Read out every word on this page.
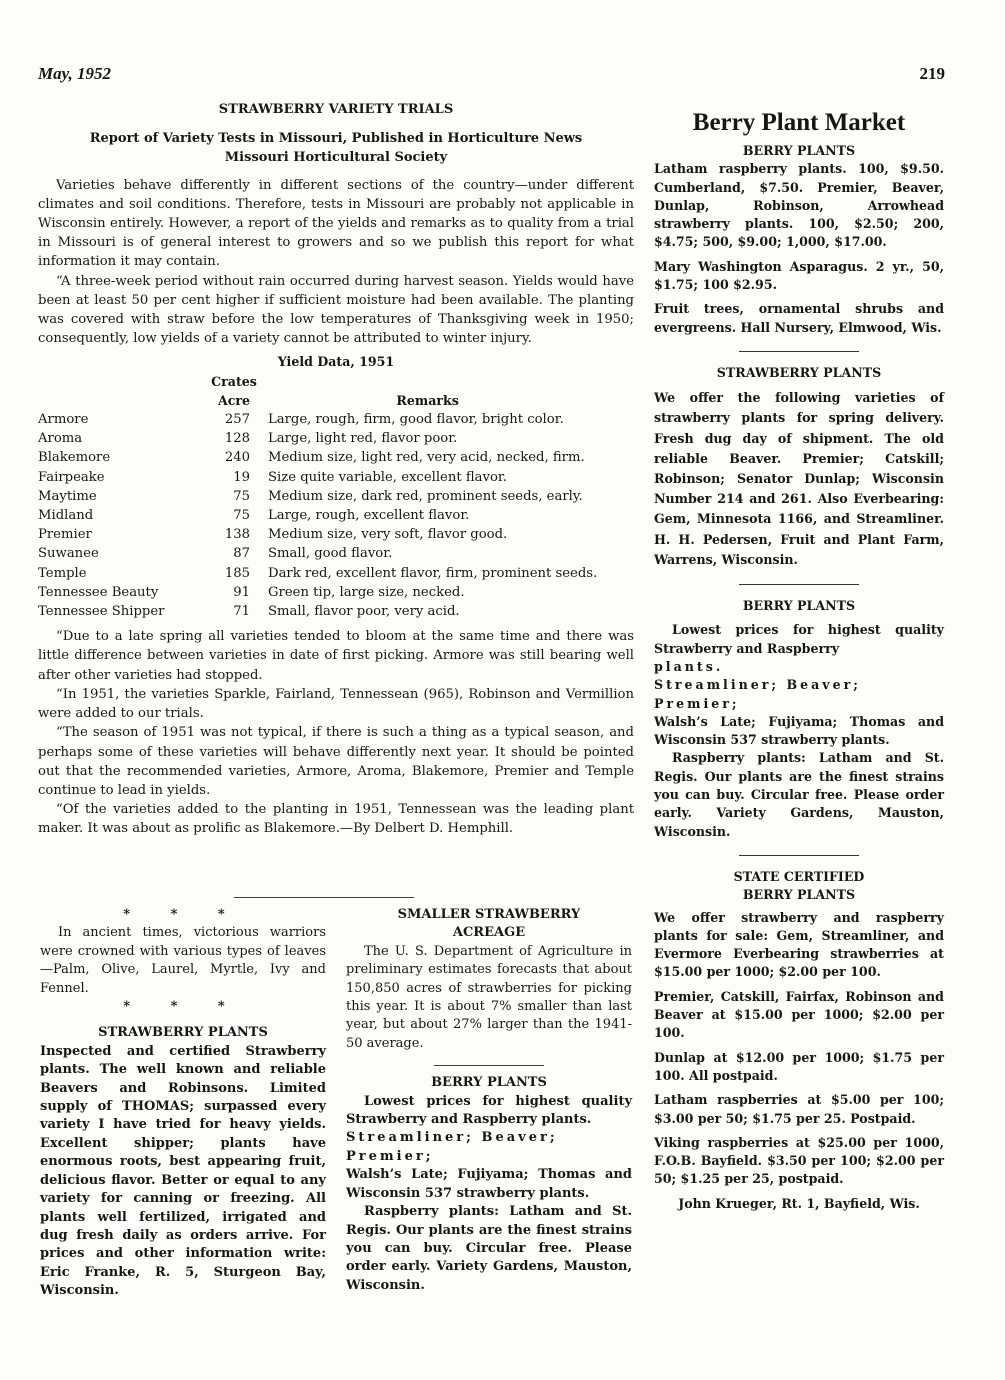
May, 1952	219
STRAWBERRY VARIETY TRIALS
Report of Variety Tests in Missouri, Published in Horticulture News
Missouri Horticultural Society

Varieties behave differently in different sections of the country—under different climates and soil conditions. Therefore, tests in Missouri are probably not applicable in Wisconsin entirely. However, a report of the yields and remarks as to quality from a trial in Missouri is of general interest to growers and so we publish this report for what information it may contain.

“A three-week period without rain occurred during harvest season. Yields would have been at least 50 per cent higher if sufficient moisture had been available. The planting was covered with straw before the low temperatures of Thanksgiving week in 1950; consequently, low yields of a variety cannot be attributed to winter injury.

Yield Data, 1951
	Crates	
	Acre	Remarks
Armore	257	Large, rough, firm, good flavor, bright color.
Aroma	128	Large, light red, flavor poor.
Blakemore	240	Medium size, light red, very acid, necked, firm.
Fairpeake	19	Size quite variable, excellent flavor.
Maytime	75	Medium size, dark red, prominent seeds, early.
Midland	75	Large, rough, excellent flavor.
Premier	138	Medium size, very soft, flavor good.
Suwanee	87	Small, good flavor.
Temple	185	Dark red, excellent flavor, firm, prominent seeds.
Tennessee Beauty	91	Green tip, large size, necked.
Tennessee Shipper	71	Small, flavor poor, very acid.

“Due to a late spring all varieties tended to bloom at the same time and there was little difference between varieties in date of first picking. Armore was still bearing well after other varieties had stopped.

“In 1951, the varieties Sparkle, Fairland, Tennessean (965), Robinson and Vermillion were added to our trials.

“The season of 1951 was not typical, if there is such a thing as a typical season, and perhaps some of these varieties will behave differently next year. It should be pointed out that the recommended varieties, Armore, Aroma, Blakemore, Premier and Temple continue to lead in yields.

“Of the varieties added to the planting in 1951, Tennessean was the leading plant maker. It was about as prolific as Blakemore.—By Delbert D. Hemphill.

* * *
In ancient times, victorious warriors were crowned with various types of leaves—Palm, Olive, Laurel, Myrtle, Ivy and Fennel.
* * *
STRAWBERRY PLANTS
Inspected and certified Strawberry plants. The well known and reliable Beavers and Robinsons. Limited supply of THOMAS; surpassed every variety I have tried for heavy yields. Excellent shipper; plants have enormous roots, best appearing fruit, delicious flavor. Better or equal to any variety for canning or freezing. All plants well fertilized, irrigated and dug fresh daily as orders arrive. For prices and other information write: Eric Franke, R. 5, Sturgeon Bay, Wisconsin.
SMALLER STRAWBERRY
ACREAGE
The U. S. Department of Agriculture in preliminary estimates forecasts that about 150,850 acres of strawberries for picking this year. It is about 7% smaller than last year, but about 27% larger than the 1941-50 average.
BERRY PLANTS
Lowest prices for highest quality Strawberry and Raspberry plants.
Streamliner; Beaver; Premier;
Walsh’s Late; Fujiyama; Thomas and Wisconsin 537 strawberry plants.
Raspberry plants: Latham and St. Regis. Our plants are the finest strains you can buy. Circular free. Please order early. Variety Gardens, Mauston, Wisconsin.
Berry Plant Market
BERRY PLANTS

Latham raspberry plants. 100, $9.50. Cumberland, $7.50. Premier, Beaver, Dunlap, Robinson, Arrowhead strawberry plants. 100, $2.50; 200, $4.75; 500, $9.00; 1,000, $17.00.

Mary Washington Asparagus. 2 yr., 50, $1.75; 100 $2.95.

Fruit trees, ornamental shrubs and evergreens. Hall Nursery, Elmwood, Wis.

STRAWBERRY PLANTS

We offer the following varieties of strawberry plants for spring delivery. Fresh dug day of shipment. The old reliable Beaver. Premier; Catskill; Robinson; Senator Dunlap; Wisconsin Number 214 and 261. Also Everbearing: Gem, Minnesota 1166, and Streamliner. H. H. Pedersen, Fruit and Plant Farm, Warrens, Wisconsin.

BERRY PLANTS
Lowest prices for highest quality Strawberry and Raspberry
plants.
Streamliner; Beaver; Premier;
Walsh’s Late; Fujiyama; Thomas and Wisconsin 537 strawberry plants.

Raspberry plants: Latham and St. Regis. Our plants are the finest strains you can buy. Circular free. Please order early. Variety Gardens, Mauston, Wisconsin.

STATE CERTIFIED
BERRY PLANTS

We offer strawberry and raspberry plants for sale: Gem, Streamliner, and Evermore Everbearing strawberries at $15.00 per 1000; $2.00 per 100.

Premier, Catskill, Fairfax, Robinson and Beaver at $15.00 per 1000; $2.00 per 100.

Dunlap at $12.00 per 1000; $1.75 per 100. All postpaid.

Latham raspberries at $5.00 per 100; $3.00 per 50; $1.75 per 25. Postpaid.

Viking raspberries at $25.00 per 1000, F.O.B. Bayfield. $3.50 per 100; $2.00 per 50; $1.25 per 25, postpaid.

John Krueger, Rt. 1, Bayfield, Wis.
